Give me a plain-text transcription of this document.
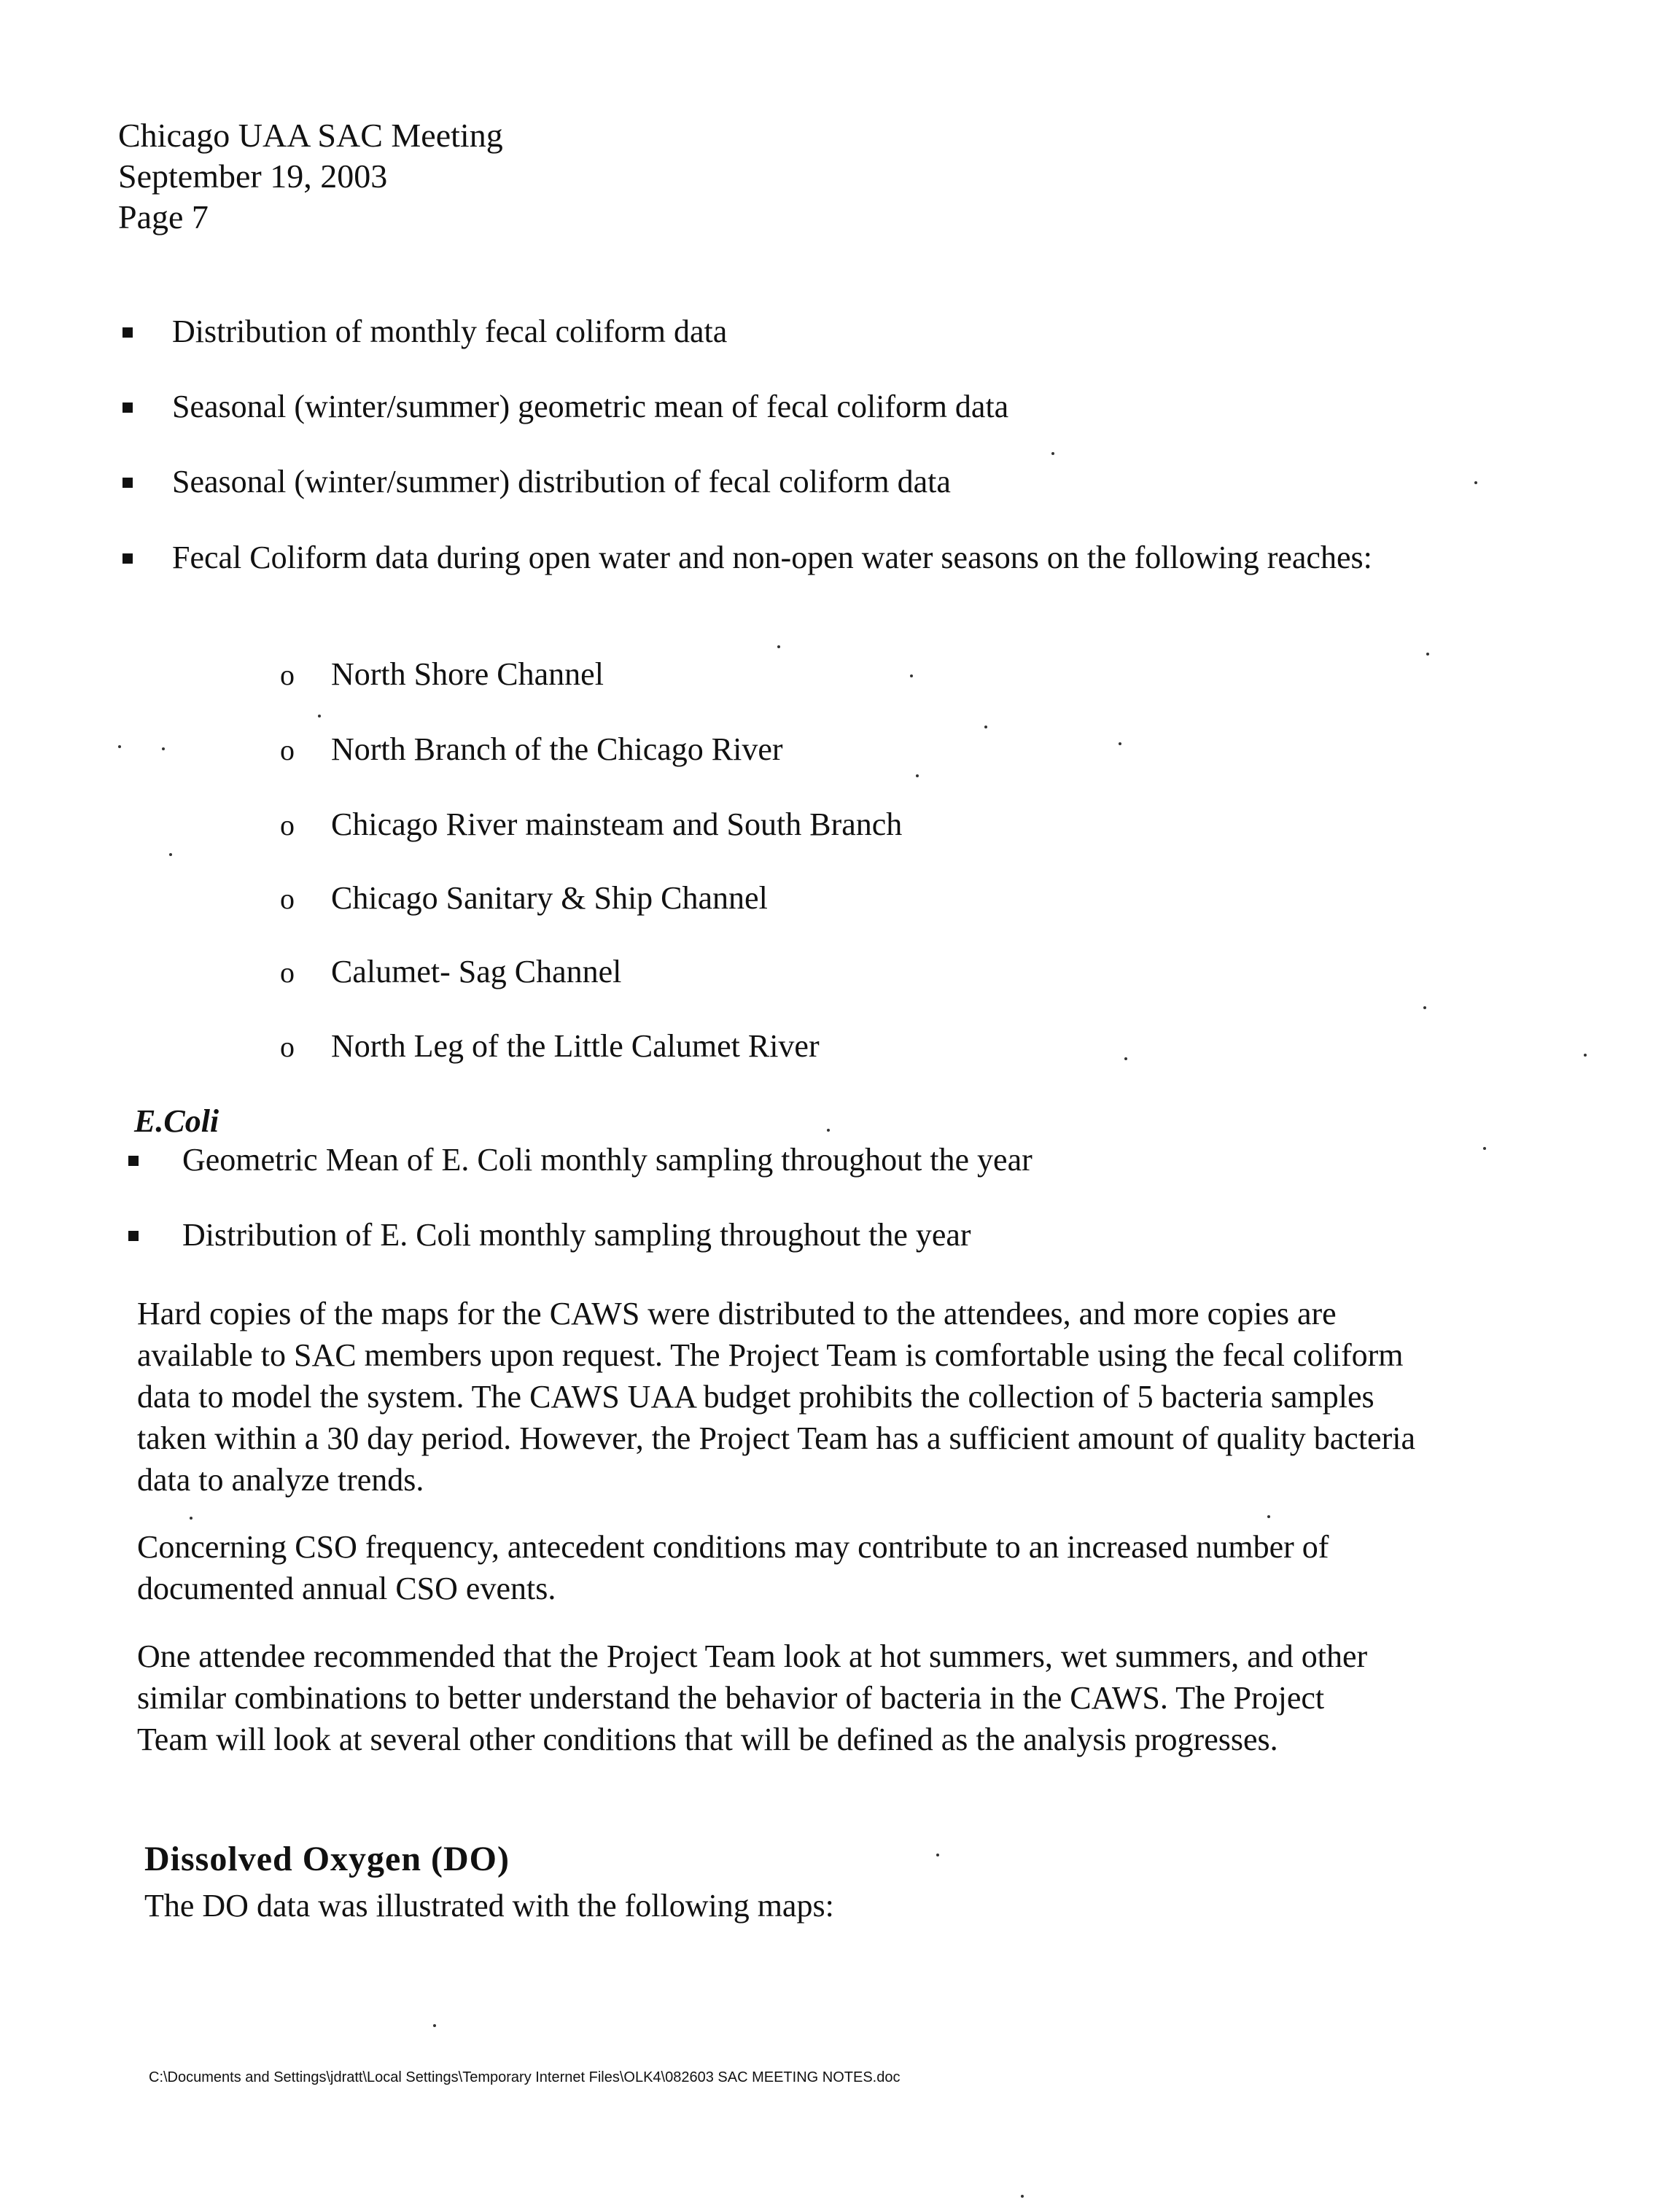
Chicago UAA SAC Meeting
September 19, 2003
Page 7
Distribution of monthly fecal coliform data
Seasonal (winter/summer) geometric mean of fecal coliform data
Seasonal (winter/summer) distribution of fecal coliform data
Fecal Coliform data during open water and non-open water seasons on the following reaches:
o North Shore Channel
o North Branch of the Chicago River
o Chicago River mainsteam and South Branch
o Chicago Sanitary & Ship Channel
o Calumet- Sag Channel
o North Leg of the Little Calumet River
E.Coli
Geometric Mean of E. Coli monthly sampling throughout the year
Distribution of E. Coli monthly sampling throughout the year
Hard copies of the maps for the CAWS were distributed to the attendees, and more copies are available to SAC members upon request. The Project Team is comfortable using the fecal coliform data to model the system. The CAWS UAA budget prohibits the collection of 5 bacteria samples taken within a 30 day period. However, the Project Team has a sufficient amount of quality bacteria data to analyze trends.
Concerning CSO frequency, antecedent conditions may contribute to an increased number of documented annual CSO events.
One attendee recommended that the Project Team look at hot summers, wet summers, and other similar combinations to better understand the behavior of bacteria in the CAWS. The Project Team will look at several other conditions that will be defined as the analysis progresses.
Dissolved Oxygen (DO)
The DO data was illustrated with the following maps:
C:\Documents and Settings\jdratt\Local Settings\Temporary Internet Files\OLK4\082603 SAC MEETING NOTES.doc
